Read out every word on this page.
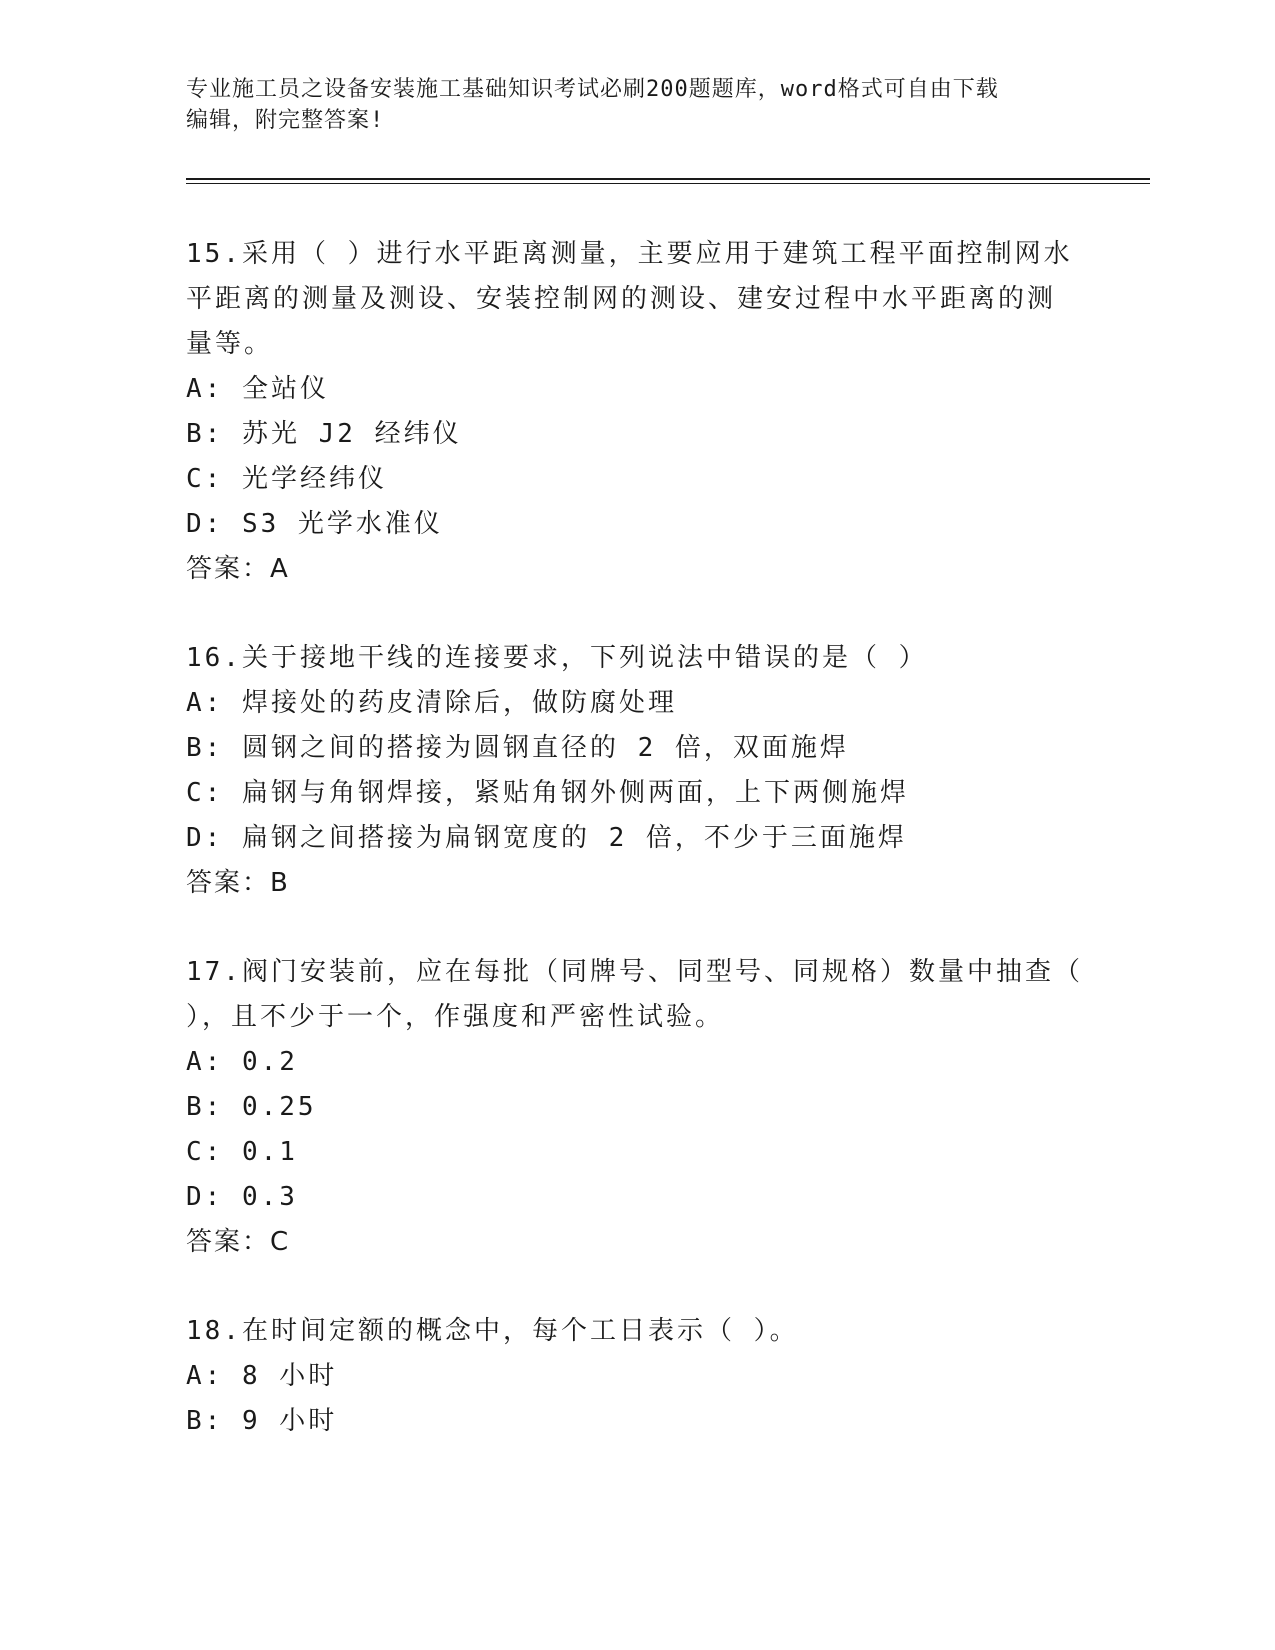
专业施工员之设备安装施工基础知识考试必刷200题题库，word格式可自由下载
编辑，附完整答案!
15.采用（ ）进行水平距离测量，主要应用于建筑工程平面控制网水
平距离的测量及测设、安装控制网的测设、建安过程中水平距离的测
量等。
A: 全站仪
B: 苏光 J2 经纬仪
C: 光学经纬仪
D: S3 光学水准仪
答案：A
16.关于接地干线的连接要求，下列说法中错误的是（ ）
A: 焊接处的药皮清除后，做防腐处理
B: 圆钢之间的搭接为圆钢直径的 2 倍，双面施焊
C: 扁钢与角钢焊接，紧贴角钢外侧两面，上下两侧施焊
D: 扁钢之间搭接为扁钢宽度的 2 倍，不少于三面施焊
答案：B
17.阀门安装前，应在每批（同牌号、同型号、同规格）数量中抽查（
），且不少于一个，作强度和严密性试验。
A: 0.2
B: 0.25
C: 0.1
D: 0.3
答案：C
18.在时间定额的概念中，每个工日表示（ ）。
A: 8 小时
B: 9 小时
